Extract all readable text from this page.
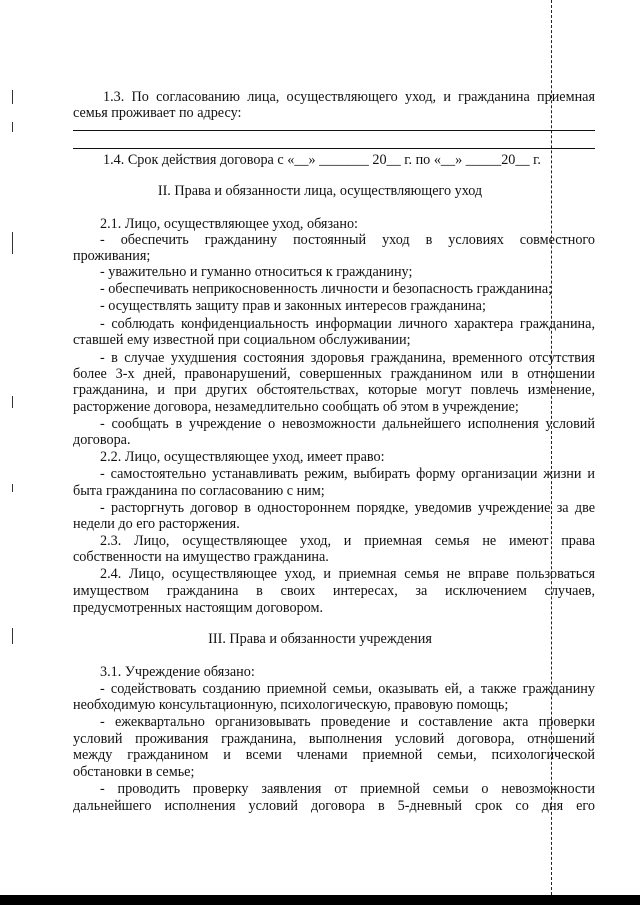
1.3. По согласованию лица, осуществляющего уход, и гражданина приемная
семья проживает по адресу:
1.4. Срок действия договора с «__» _______ 20__ г. по «__» _____20__ г.
II. Права и обязанности лица, осуществляющего уход
2.1. Лицо, осуществляющее уход, обязано:
- обеспечить гражданину постоянный уход в условиях совместного
проживания;
- уважительно и гуманно относиться к гражданину;
- обеспечивать неприкосновенность личности и безопасность гражданина;
- осуществлять защиту прав и законных интересов гражданина;
- соблюдать конфиденциальность информации личного характера гражданина,
ставшей ему известной при социальном обслуживании;
- в случае ухудшения состояния здоровья гражданина, временного отсутствия
более 3-х дней, правонарушений, совершенных гражданином или в отношении
гражданина, и при других обстоятельствах, которые могут повлечь изменение,
расторжение договора, незамедлительно сообщать об этом в учреждение;
- сообщать в учреждение о невозможности дальнейшего исполнения условий
договора.
2.2. Лицо, осуществляющее уход, имеет право:
- самостоятельно устанавливать режим, выбирать форму организации жизни и
быта гражданина по согласованию с ним;
- расторгнуть договор в одностороннем порядке, уведомив учреждение за две
недели до его расторжения.
2.3. Лицо, осуществляющее уход, и приемная семья не имеют права
собственности на имущество гражданина.
2.4. Лицо, осуществляющее уход, и приемная семья не вправе пользоваться
имуществом гражданина в своих интересах, за исключением случаев,
предусмотренных настоящим договором.
III. Права и обязанности учреждения
3.1. Учреждение обязано:
- содействовать созданию приемной семьи, оказывать ей, а также гражданину
необходимую консультационную, психологическую, правовую помощь;
- ежеквартально организовывать проведение и составление акта проверки
условий проживания гражданина, выполнения условий договора, отношений
между гражданином и всеми членами приемной семьи, психологической
обстановки в семье;
- проводить проверку заявления от приемной семьи о невозможности
дальнейшего исполнения условий договора в 5-дневный срок со дня его
